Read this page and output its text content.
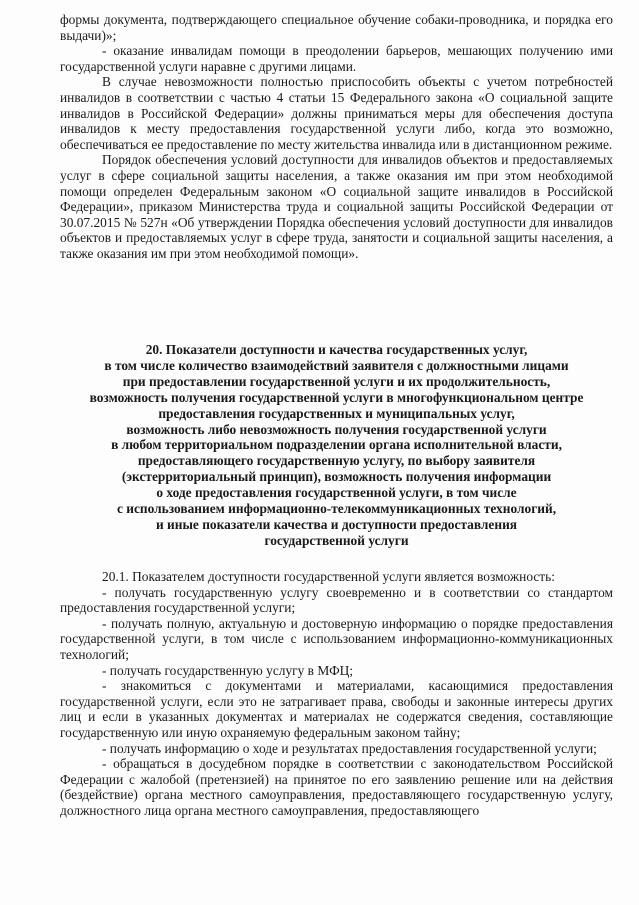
формы документа, подтверждающего специальное обучение собаки-проводника, и порядка его выдачи)»;

- оказание инвалидам помощи в преодолении барьеров, мешающих получению ими государственной услуги наравне с другими лицами.

В случае невозможности полностью приспособить объекты с учетом потребностей инвалидов в соответствии с частью 4 статьи 15 Федерального закона «О социальной защите инвалидов в Российской Федерации» должны приниматься меры для обеспечения доступа инвалидов к месту предоставления государственной услуги либо, когда это возможно, обеспечиваться ее предоставление по месту жительства инвалида или в дистанционном режиме.

Порядок обеспечения условий доступности для инвалидов объектов и предоставляемых услуг в сфере социальной защиты населения, а также оказания им при этом необходимой помощи определен Федеральным законом «О социальной защите инвалидов в Российской Федерации», приказом Министерства труда и социальной защиты Российской Федерации от 30.07.2015 № 527н «Об утверждении Порядка обеспечения условий доступности для инвалидов объектов и предоставляемых услуг в сфере труда, занятости и социальной защиты населения, а также оказания им при этом необходимой помощи».

20. Показатели доступности и качества государственных услуг,
в том числе количество взаимодействий заявителя с должностными лицами
при предоставлении государственной услуги и их продолжительность,
возможность получения государственной услуги в многофункциональном центре
предоставления государственных и муниципальных услуг,
возможность либо невозможность получения государственной услуги
в любом территориальном подразделении органа исполнительной власти,
предоставляющего государственную услугу, по выбору заявителя
(экстерриториальный принцип), возможность получения информации
о ходе предоставления государственной услуги, в том числе
с использованием информационно-телекоммуникационных технологий,
и иные показатели качества и доступности предоставления
государственной услуги

20.1. Показателем доступности государственной услуги является возможность:

- получать государственную услугу своевременно и в соответствии со стандартом предоставления государственной услуги;

- получать полную, актуальную и достоверную информацию о порядке предоставления государственной услуги, в том числе с использованием информационно-коммуникационных технологий;

- получать государственную услугу в МФЦ;

- знакомиться с документами и материалами, касающимися предоставления государственной услуги, если это не затрагивает права, свободы и законные интересы других лиц и если в указанных документах и материалах не содержатся сведения, составляющие государственную или иную охраняемую федеральным законом тайну;

- получать информацию о ходе и результатах предоставления государственной услуги;

- обращаться в досудебном порядке в соответствии с законодательством Российской Федерации с жалобой (претензией) на принятое по его заявлению решение или на действия (бездействие) органа местного самоуправления, предоставляющего государственную услугу, должностного лица органа местного самоуправления, предоставляющего
